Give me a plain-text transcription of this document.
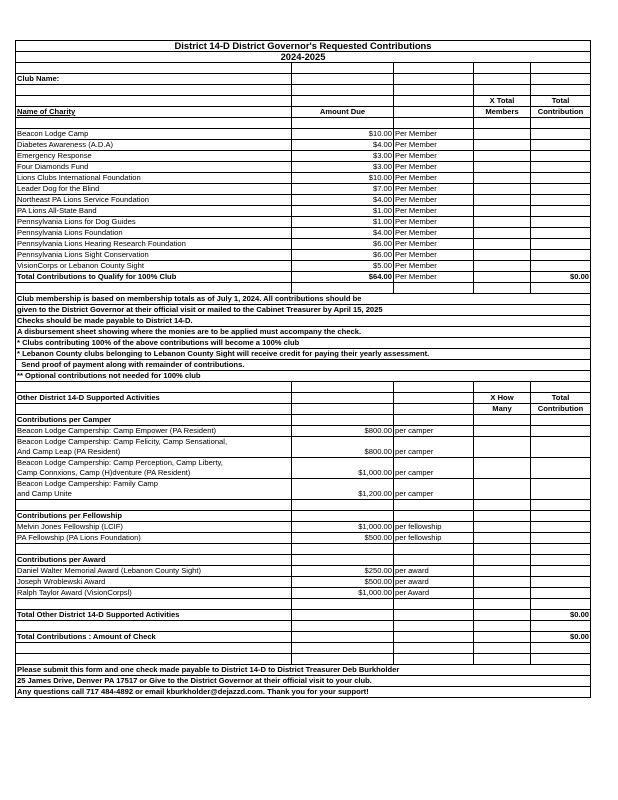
District 14-D District Governor's Requested Contributions				
2024-2025				

Club Name:				

			X Total	Total
Name of Charity	Amount Due		Members	Contribution

Beacon Lodge Camp	$10.00	Per Member		
Diabetes Awareness (A.D.A)	$4.00	Per Member		
Emergency Response	$3.00	Per Member		
Four Diamonds Fund	$3.00	Per Member		
Lions Clubs International Foundation	$10.00	Per Member		
Leader Dog for the Blind	$7.00	Per Member		
Northeast PA Lions Service Foundation	$4.00	Per Member		
PA Lions All-State Band	$1.00	Per Member		
Pennsylvania Lions for Dog Guides	$1.00	Per Member		
Pennsylvania Lions Foundation	$4.00	Per Member		
Pennsylvania Lions Hearing Research Foundation	$6.00	Per Member		
Pennsylvania Lions Sight Conservation	$6.00	Per Member		
VisionCorps or Lebanon County Sight	$5.00	Per Member		
Total Contributions to Qualify for 100% Club	$64.00	Per Member		$0.00

Club membership is based on membership totals as of July 1, 2024. All contributions should be				
given to the District Governor at their official visit or mailed to the Cabinet Treasurer by April 15, 2025				
Checks should be made payable to District 14-D.				
A disbursement sheet showing where the monies are to be applied must accompany the check.				
* Clubs contributing 100% of the above contributions will become a 100% club				
* Lebanon County clubs belonging to Lebanon County Sight will receive credit for paying their yearly assessment.				
Send proof of payment along with remainder of contributions.				
** Optional contributions not needed for 100% club				

Other District 14-D Supported Activities			X How	Total
			Many	Contribution
Contributions per Camper				
Beacon Lodge Campership: Camp Empower (PA Resident)	$800.00	per camper		

Beacon Lodge Campership: Camp Felicity, Camp Sensational,
And Camp Leap (PA Resident)	$800.00	per camper		

Beacon Lodge Campership: Camp Perception, Camp Liberty,
Camp Connxions, Camp (H)dventure (PA Resident)	$1,000.00	per camper		

Beacon Lodge Campership: Family Camp
and Camp Unite	$1,200.00	per camper		

Contributions per Fellowship				
Melvin Jones Fellowship (LCIF)	$1,000.00	per fellowship		
PA Fellowship (PA Lions Foundation)	$500.00	per fellowship		

Contributions per Award				
Daniel Walter Memorial Award (Lebanon County Sight)	$250.00	per award		
Joseph Wroblewski Award	$500.00	per award		
Ralph Taylor Award (VisionCorpsl)	$1,000.00	per Award		

Total Other District 14-D Supported Activities				$0.00

Total Contributions : Amount of Check				$0.00

Please submit this form and one check made payable to District 14-D to District Treasurer Deb Burkholder				
25 James Drive, Denver PA 17517 or Give to the District Governor at their official visit to your club.				
Any questions call 717 484-4892 or email kburkholder@dejazzd.com. Thank you for your support!				
